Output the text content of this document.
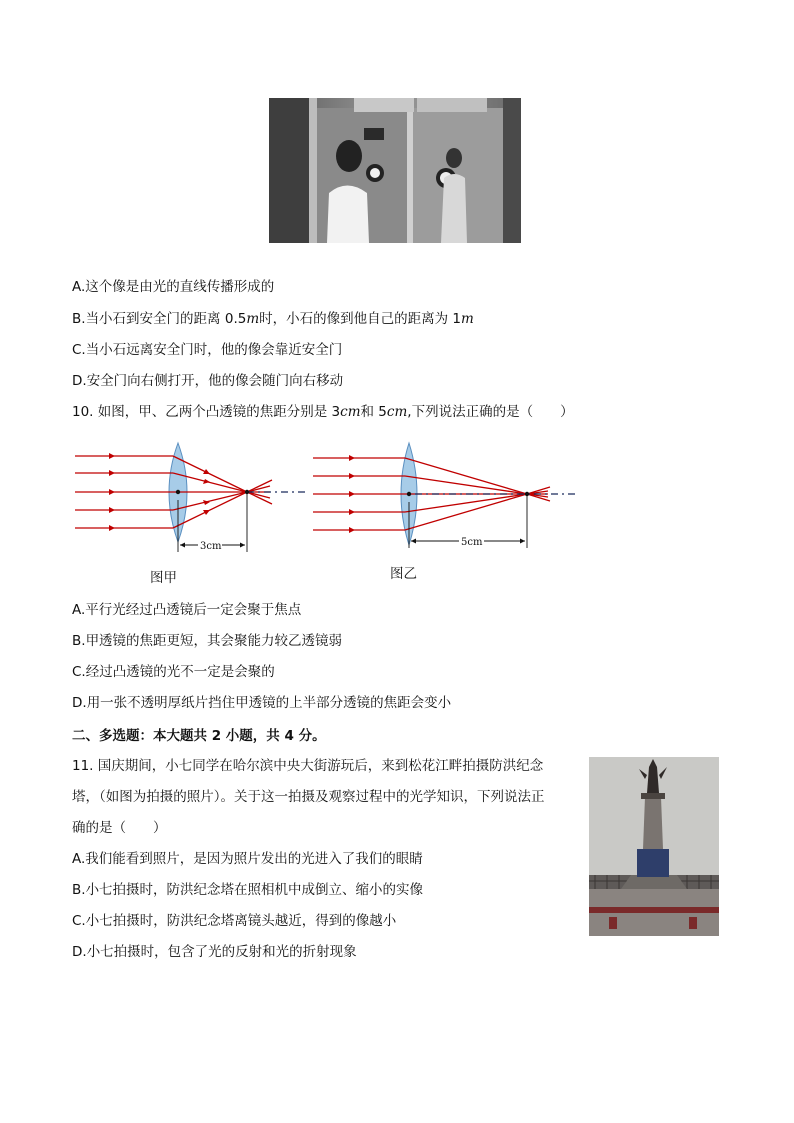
A.这个像是由光的直线传播形成的
B.当小石到安全门的距离 0.5m时，小石的像到他自己的距离为 1m
C.当小石远离安全门时，他的像会靠近安全门
D.安全门向右侧打开，他的像会随门向右移动
10. 如图，甲、乙两个凸透镜的焦距分别是 3cm和 5cm,下列说法正确的是（　　）
3cm	5cm
图甲	图乙
A.平行光经过凸透镜后一定会聚于焦点
B.甲透镜的焦距更短，其会聚能力较乙透镜弱
C.经过凸透镜的光不一定是会聚的
D.用一张不透明厚纸片挡住甲透镜的上半部分透镜的焦距会变小
二、多选题：本大题共 2 小题，共 4 分。
11. 国庆期间，小七同学在哈尔滨中央大街游玩后，来到松花江畔拍摄防洪纪念
塔，（如图为拍摄的照片）。关于这一拍摄及观察过程中的光学知识，下列说法正
确的是（　　）
A.我们能看到照片，是因为照片发出的光进入了我们的眼睛
B.小七拍摄时，防洪纪念塔在照相机中成倒立、缩小的实像
C.小七拍摄时，防洪纪念塔离镜头越近，得到的像越小
D.小七拍摄时，包含了光的反射和光的折射现象
